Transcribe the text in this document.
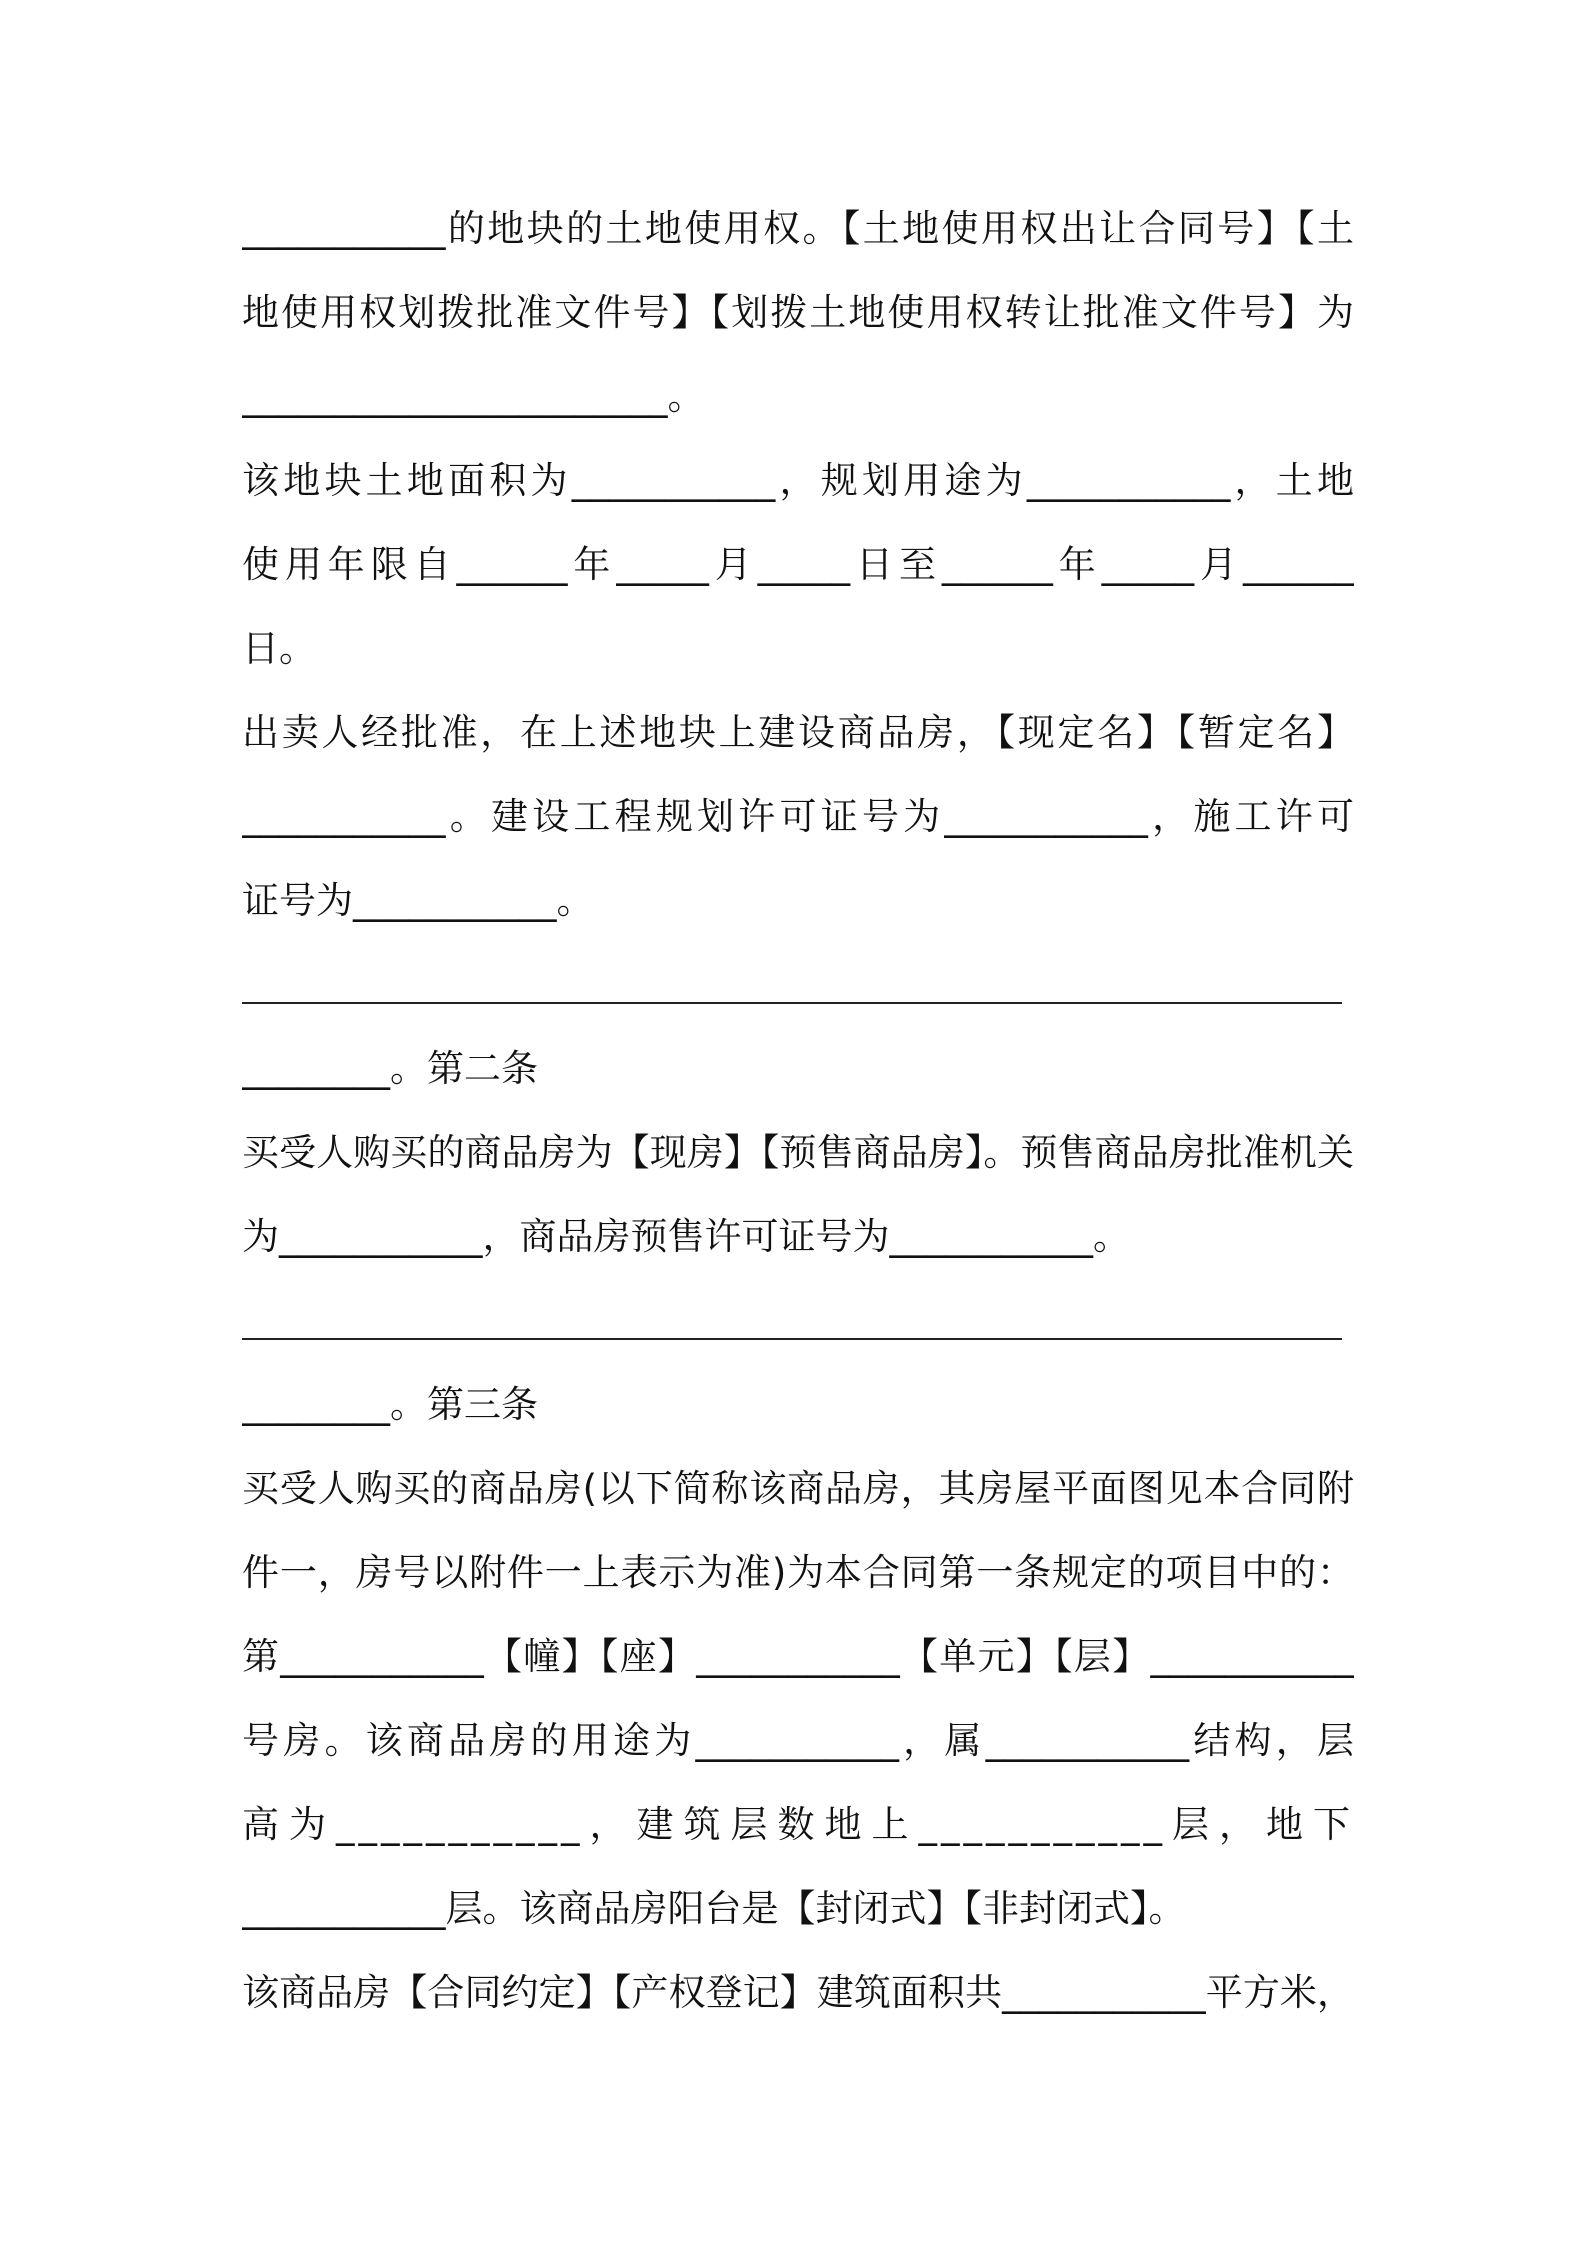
___________的地块的土地使用权。【土地使用权出让合同号】【土
地使用权划拨批准文件号】【划拨土地使用权转让批准文件号】为
_______________________。
该地块土地面积为___________，规划用途为___________，土地
使用年限自______年_____月_____日至______年_____月______
日。
出卖人经批准，在上述地块上建设商品房，【现定名】【暂定名】
___________。建设工程规划许可证号为___________，施工许可
证号为___________。
________。第二条
买受人购买的商品房为【现房】【预售商品房】。预售商品房批准机关
为___________，商品房预售许可证号为___________。
________。第三条
买受人购买的商品房(以下简称该商品房，其房屋平面图见本合同附
件一，房号以附件一上表示为准)为本合同第一条规定的项目中的：
第___________【幢】【座】___________【单元】【层】___________
号房。该商品房的用途为___________，属___________结构，层
高为___________，建筑层数地上___________层，地下
___________层。该商品房阳台是【封闭式】【非封闭式】。
该商品房【合同约定】【产权登记】建筑面积共___________平方米，
